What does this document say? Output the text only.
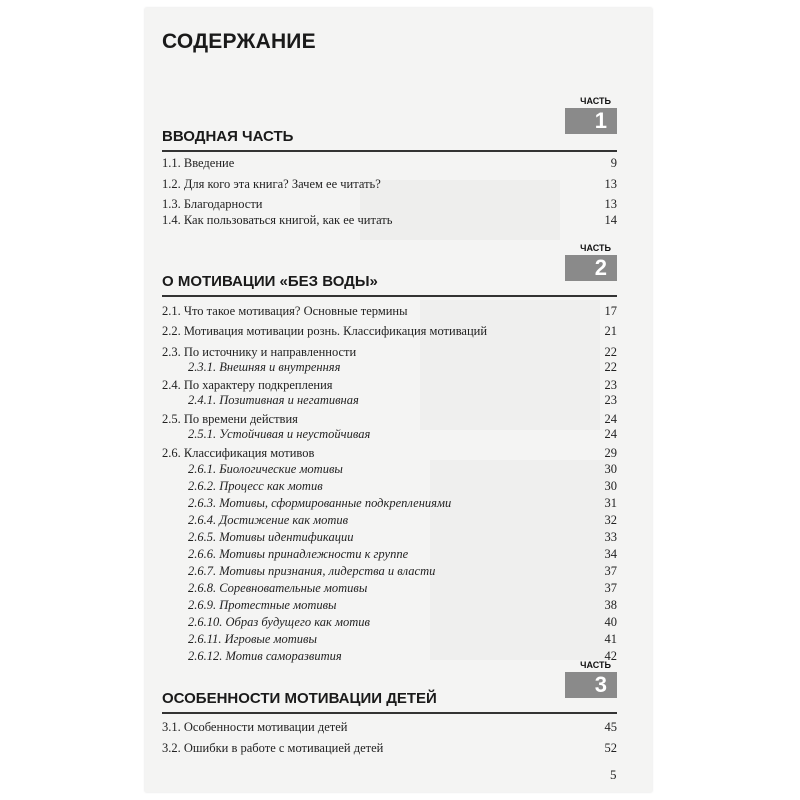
СОДЕРЖАНИЕ
ЧАСТЬ
1
ВВОДНАЯ ЧАСТЬ
1.1. Введение	9
1.2. Для кого эта книга? Зачем ее читать?	13
1.3. Благодарности	13
1.4. Как пользоваться книгой, как ее читать	14
ЧАСТЬ
2
О МОТИВАЦИИ «БЕЗ ВОДЫ»
2.1. Что такое мотивация? Основные термины	17
2.2. Мотивация мотивации рознь. Классификация мотиваций	21
2.3. По источнику и направленности	22
2.3.1. Внешняя и внутренняя	22
2.4. По характеру подкрепления	23
2.4.1. Позитивная и негативная	23
2.5. По времени действия	24
2.5.1. Устойчивая и неустойчивая	24
2.6. Классификация мотивов	29
2.6.1. Биологические мотивы	30
2.6.2. Процесс как мотив	30
2.6.3. Мотивы, сформированные подкреплениями	31
2.6.4. Достижение как мотив	32
2.6.5. Мотивы идентификации	33
2.6.6. Мотивы принадлежности к группе	34
2.6.7. Мотивы признания, лидерства и власти	37
2.6.8. Соревновательные мотивы	37
2.6.9. Протестные мотивы	38
2.6.10. Образ будущего как мотив	40
2.6.11. Игровые мотивы	41
2.6.12. Мотив саморазвития	42
ЧАСТЬ
3
ОСОБЕННОСТИ МОТИВАЦИИ ДЕТЕЙ
3.1. Особенности мотивации детей	45
3.2. Ошибки в работе с мотивацией детей	52
5
